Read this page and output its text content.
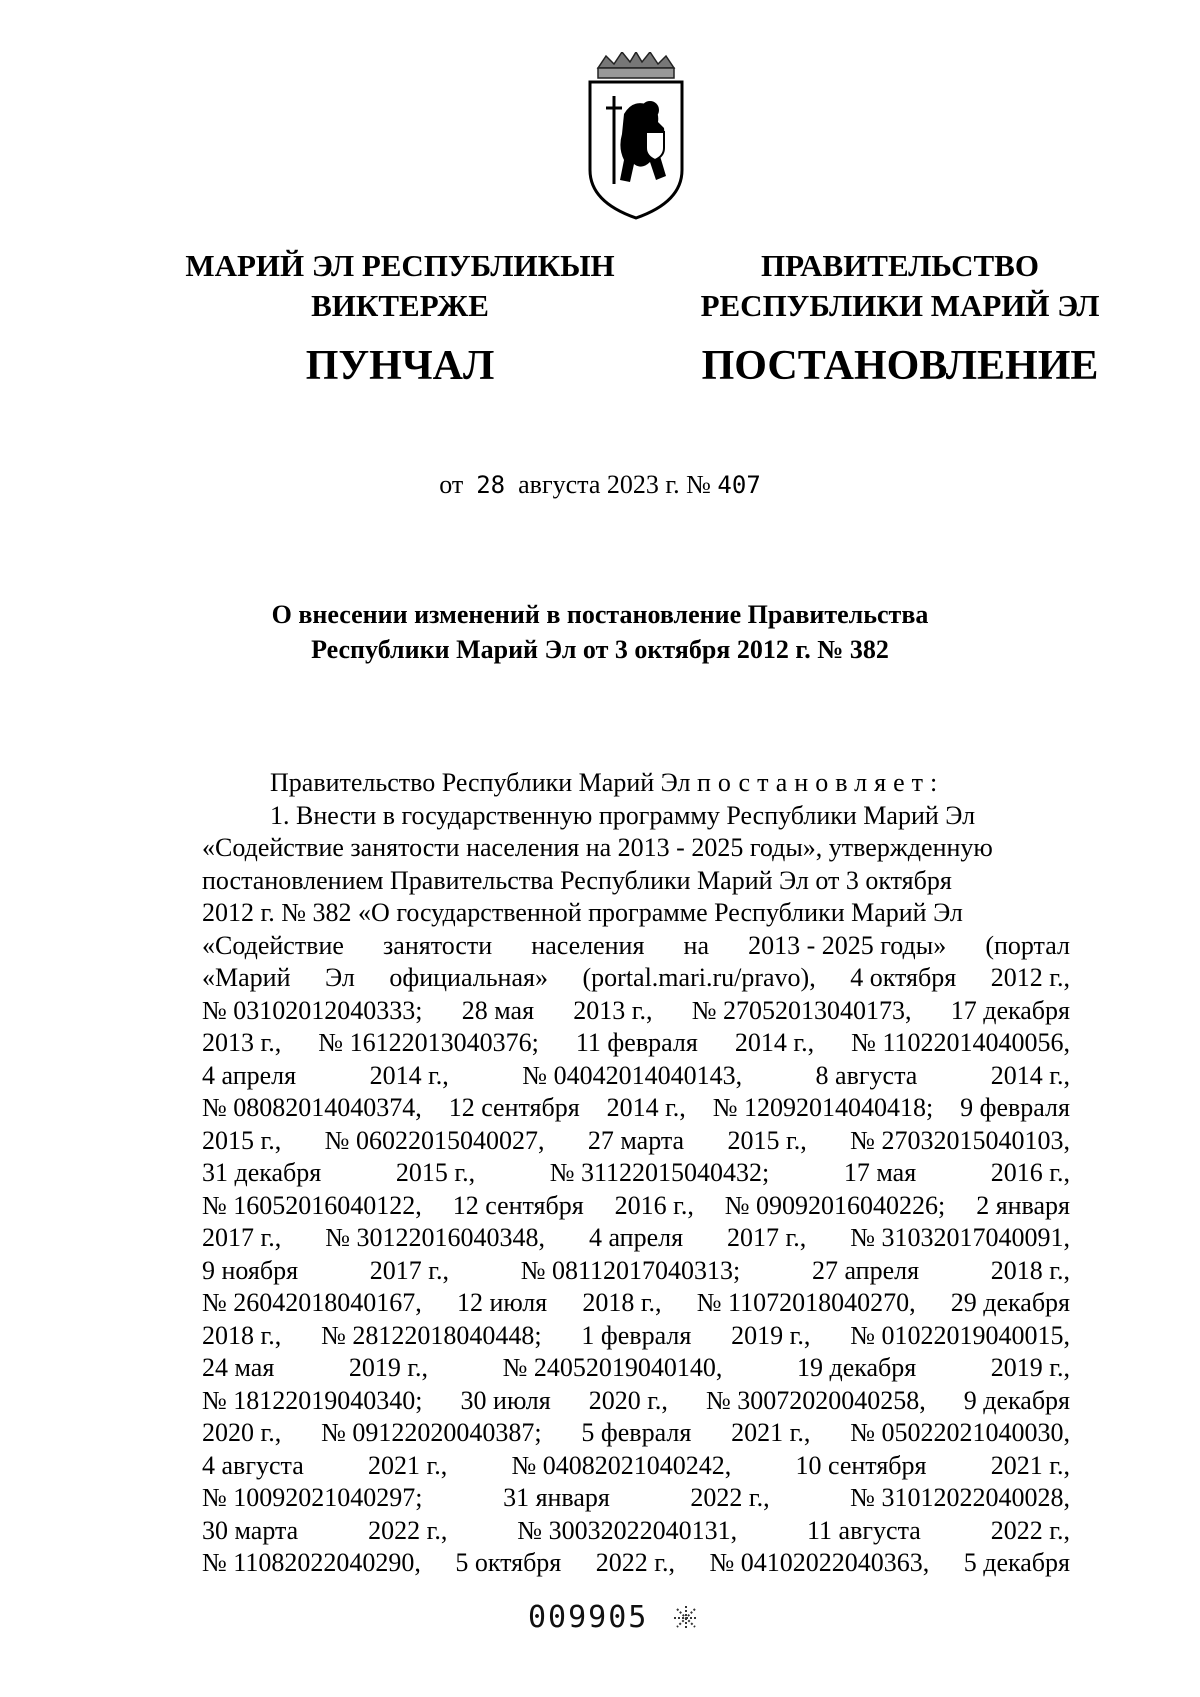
МАРИЙ ЭЛ РЕСПУБЛИКЫН
ВИКТЕРЖЕ
ПУНЧАЛ
ПРАВИТЕЛЬСТВО
РЕСПУБЛИКИ МАРИЙ ЭЛ
ПОСТАНОВЛЕНИЕ
от 28 августа 2023 г. № 407
О внесении изменений в постановление Правительства
Республики Марий Эл от 3 октября 2012 г. № 382
Правительство Республики Марий Эл постановляет:
1. Внести в государственную программу Республики Марий Эл
«Содействие занятости населения на 2013 - 2025 годы», утвержденную
постановлением Правительства Республики Марий Эл от 3 октября
2012 г. № 382 «О государственной программе Республики Марий Эл
«Содействие занятости населения на 2013 - 2025 годы» (портал
«Марий Эл официальная» (portal.mari.ru/pravo), 4 октября 2012 г.,
№ 03102012040333; 28 мая 2013 г., № 27052013040173, 17 декабря
2013 г., № 16122013040376; 11 февраля 2014 г., № 11022014040056,
4 апреля	2014 г.,	№ 04042014040143,	8 августа	2014 г.,
№ 08082014040374, 12 сентября 2014 г., № 12092014040418; 9 февраля
2015 г., № 06022015040027, 27 марта 2015 г., № 27032015040103,
31 декабря	2015 г.,	№ 31122015040432;	17 мая	2016 г.,
№ 16052016040122, 12 сентября 2016 г., № 09092016040226; 2 января
2017 г., № 30122016040348, 4 апреля 2017 г., № 31032017040091,
9 ноября	2017 г.,	№ 08112017040313;	27 апреля	2018 г.,
№ 26042018040167, 12 июля 2018 г., № 11072018040270, 29 декабря
2018 г., № 28122018040448; 1 февраля 2019 г., № 01022019040015,
24 мая	2019 г.,	№ 24052019040140,	19 декабря	2019 г.,
№ 18122019040340; 30 июля 2020 г., № 30072020040258, 9 декабря
2020 г., № 09122020040387; 5 февраля 2021 г., № 05022021040030,
4 августа 2021 г., № 04082021040242, 10 сентября 2021 г.,
№ 10092021040297;	31 января	2022 г.,	№ 31012022040028,
30 марта	2022 г.,	№ 30032022040131,	11 августа	2022 г.,
№ 11082022040290, 5 октября 2022 г., № 04102022040363, 5 декабря
009905
